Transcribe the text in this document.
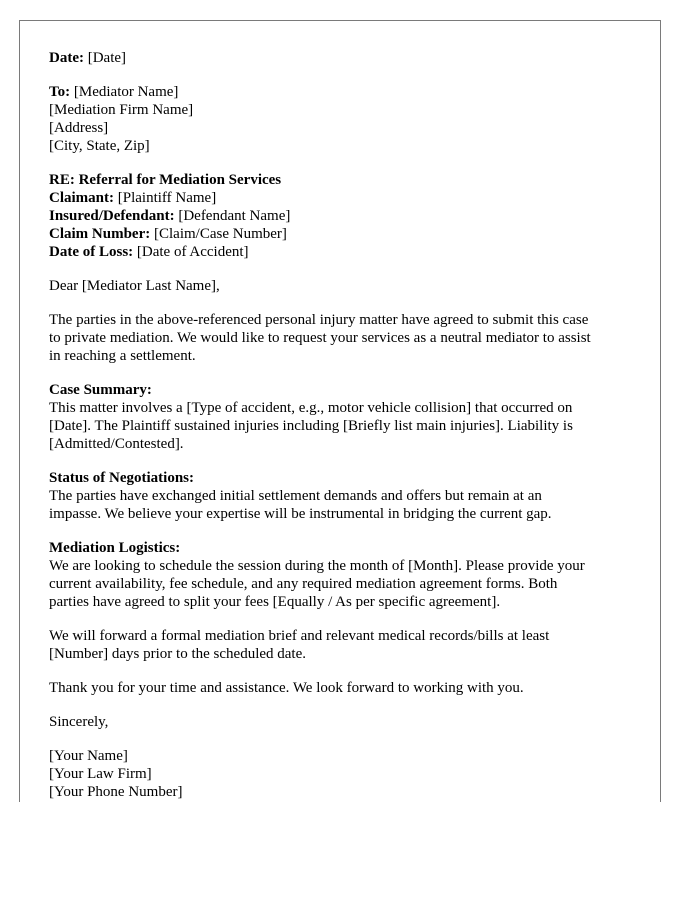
Date: [Date]
To: [Mediator Name]
[Mediation Firm Name]
[Address]
[City, State, Zip]
RE: Referral for Mediation Services
Claimant: [Plaintiff Name]
Insured/Defendant: [Defendant Name]
Claim Number: [Claim/Case Number]
Date of Loss: [Date of Accident]
Dear [Mediator Last Name],
The parties in the above-referenced personal injury matter have agreed to submit this case
to private mediation. We would like to request your services as a neutral mediator to assist
in reaching a settlement.
Case Summary:
This matter involves a [Type of accident, e.g., motor vehicle collision] that occurred on
[Date]. The Plaintiff sustained injuries including [Briefly list main injuries]. Liability is
[Admitted/Contested].
Status of Negotiations:
The parties have exchanged initial settlement demands and offers but remain at an
impasse. We believe your expertise will be instrumental in bridging the current gap.
Mediation Logistics:
We are looking to schedule the session during the month of [Month]. Please provide your
current availability, fee schedule, and any required mediation agreement forms. Both
parties have agreed to split your fees [Equally / As per specific agreement].
We will forward a formal mediation brief and relevant medical records/bills at least
[Number] days prior to the scheduled date.
Thank you for your time and assistance. We look forward to working with you.
Sincerely,
[Your Name]
[Your Law Firm]
[Your Phone Number]
